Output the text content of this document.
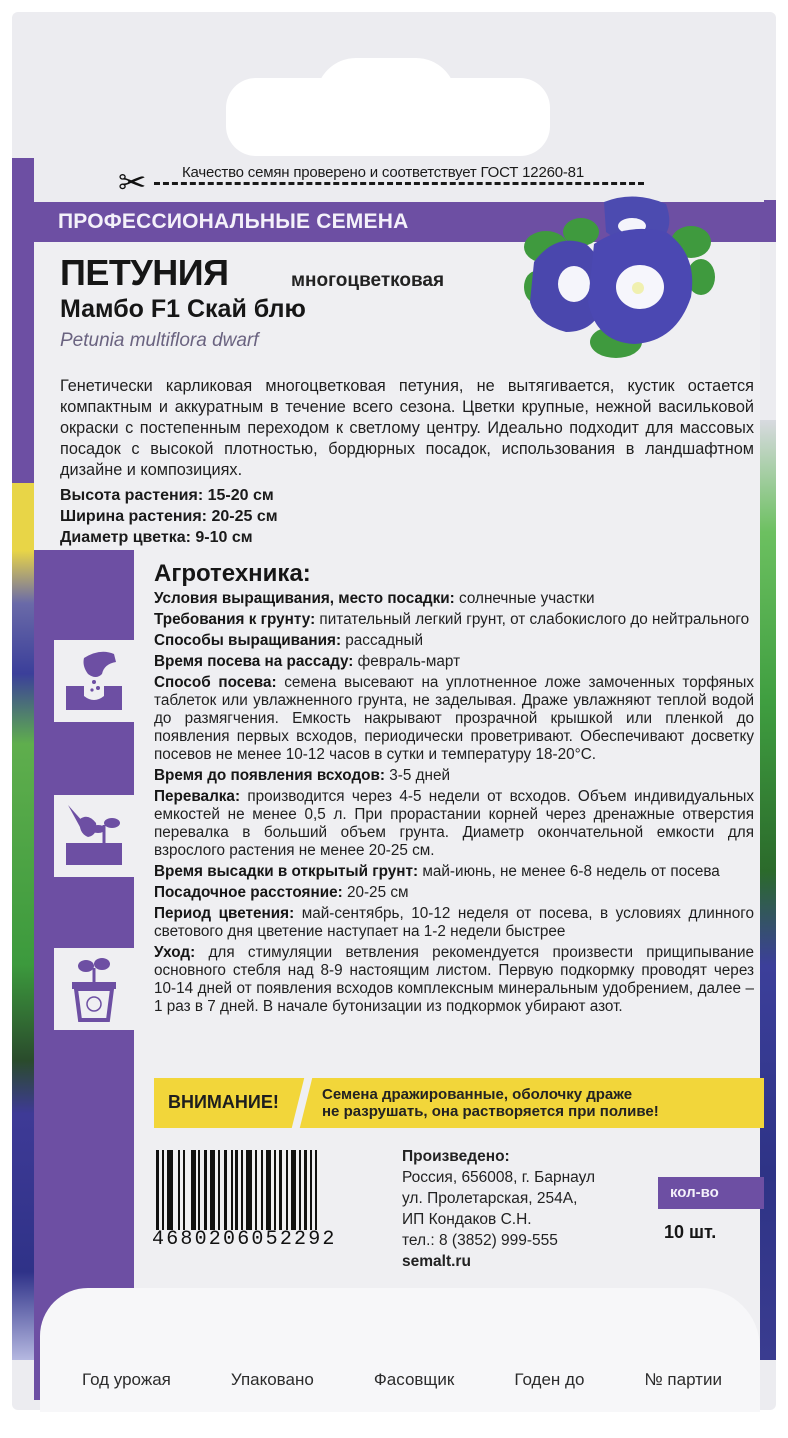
✂ Качество семян проверено и соответствует ГОСТ 12260-81
ПРОФЕССИОНАЛЬНЫЕ СЕМЕНА
ПЕТУНИЯ	многоцветковая
Мамбо F1 Скай блю
Petunia multiflora dwarf
Генетически карликовая многоцветковая петуния, не вытягивается, кустик остается компактным и аккуратным в течение всего сезона. Цветки крупные, нежной васильковой окраски с постепенным переходом к светлому центру. Идеально подходит для массовых посадок с высокой плотностью, бордюрных посадок, использования в ландшафтном дизайне и композициях.
Высота растения: 15-20 см
Ширина растения: 20-25 см
Диаметр цветка: 9-10 см
Агротехника:

Условия выращивания, место посадки: солнечные участки

Требования к грунту: питательный легкий грунт, от слабокислого до нейтрального

Способы выращивания: рассадный

Время посева на рассаду: февраль-март

Способ посева: семена высевают на уплотненное ложе замоченных торфяных таблеток или увлажненного грунта, не заделывая. Драже увлажняют теплой водой до размягчения. Емкость накрывают прозрачной крышкой или пленкой до появления первых всходов, периодически проветривают. Обеспечивают досветку посевов не менее 10-12 часов в сутки и температуру 18-20°С.

Время до появления всходов: 3-5 дней

Перевалка: производится через 4-5 недели от всходов. Объем индивидуальных емкостей не менее 0,5 л. При прорастании корней через дренажные отверстия перевалка в больший объем грунта. Диаметр окончательной емкости для взрослого растения не менее 20-25 см.

Время высадки в открытый грунт: май-июнь, не менее 6-8 недель от посева

Посадочное расстояние: 20-25 см

Период цветения: май-сентябрь, 10-12 неделя от посева, в условиях длинного светового дня цветение наступает на 1-2 недели быстрее

Уход: для стимуляции ветвления рекомендуется произвести прищипывание основного стебля над 8-9 настоящим листом. Первую подкормку проводят через 10-14 дней от появления всходов комплексным минеральным удобрением, далее – 1 раз в 7 дней. В начале бутонизации из подкормок убирают азот.

ВНИМАНИЕ!	Семена дражированные, оболочку драже
не разрушать, она растворяется при поливе!
4680206052292
Произведено:
Россия, 656008, г. Барнаул
ул. Пролетарская, 254А,
ИП Кондаков С.Н.
тел.: 8 (3852) 999-555
semalt.ru
кол-во
10 шт.
Год урожая	Упаковано	Фасовщик	Годен до	№ партии
